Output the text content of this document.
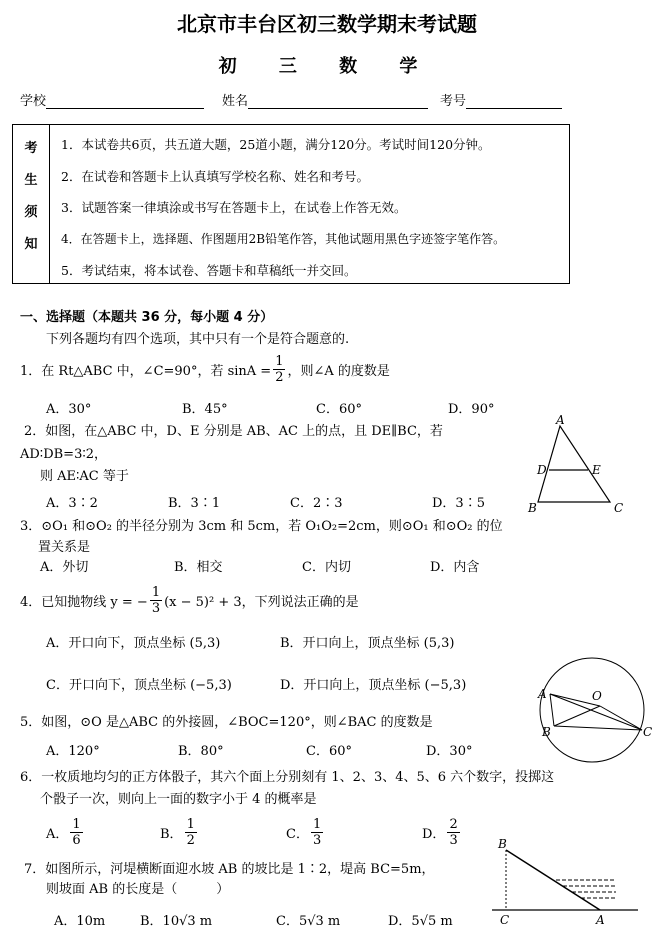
北京市丰台区初三数学期末考试题
初 三 数 学
学校	姓名	考号
考
生
须
知
1．本试卷共6页，共五道大题，25道小题，满分120分。考试时间120分钟。
2．在试卷和答题卡上认真填写学校名称、姓名和考号。
3．试题答案一律填涂或书写在答题卡上，在试卷上作答无效。
4．在答题卡上，选择题、作图题用2B铅笔作答，其他试题用黑色字迹签字笔作答。
5．考试结束，将本试卷、答题卡和草稿纸一并交回。
一、选择题（本题共 36 分，每小题 4 分）
下列各题均有四个选项，其中只有一个是符合题意的.
1．在 Rt△ABC 中，∠C=90°，若 $\sin A = \frac{1}{2}$ ，则∠A 的度数是
A．30°	B．45°	C．60°	D．90°
2．如图，在△ABC 中，D、E 分别是 AB、AC 上的点，且 DE∥BC，若
AD∶DB=3∶2，
则 AE∶AC 等于
A．3∶2	B．3∶1	C．2∶3	D．3∶5
A
D	E
B	C
3．⊙O₁ 和⊙O₂ 的半径分别为 3cm 和 5cm，若 O₁O₂=2cm，则⊙O₁ 和⊙O₂ 的位
置关系是
A．外切	B．相交	C．内切	D．内含
4．已知抛物线 y = − $\frac{1}{3} (x - 5)^2 + 3$，下列说法正确的是
A．开口向下，顶点坐标 (5,3)	B．开口向上，顶点坐标 (5,3)
C．开口向下，顶点坐标 (−5,3)	D．开口向上，顶点坐标 (−5,3)
A	O
B	C
5．如图，⊙O 是△ABC 的外接圆，∠BOC=120°，则∠BAC 的度数是
A．120°	B．80°	C．60°	D．30°
6．一枚质地均匀的正方体骰子，其六个面上分别刻有 1、2、3、4、5、6 六个数字，投掷这
个骰子一次，则向上一面的数字小于 4 的概率是
A． $\frac{1}{6}$	B． $\frac{1}{2}$	C． $\frac{1}{3}$	D． $\frac{2}{3}$
7．如图所示，河堤横断面迎水坡 AB 的坡比是 1∶2，堤高 BC=5m，
则坡面 AB 的长度是（　　　）
A．10m	B．10√3 m	C．5√3 m	D．5√5 m
B
C	A
